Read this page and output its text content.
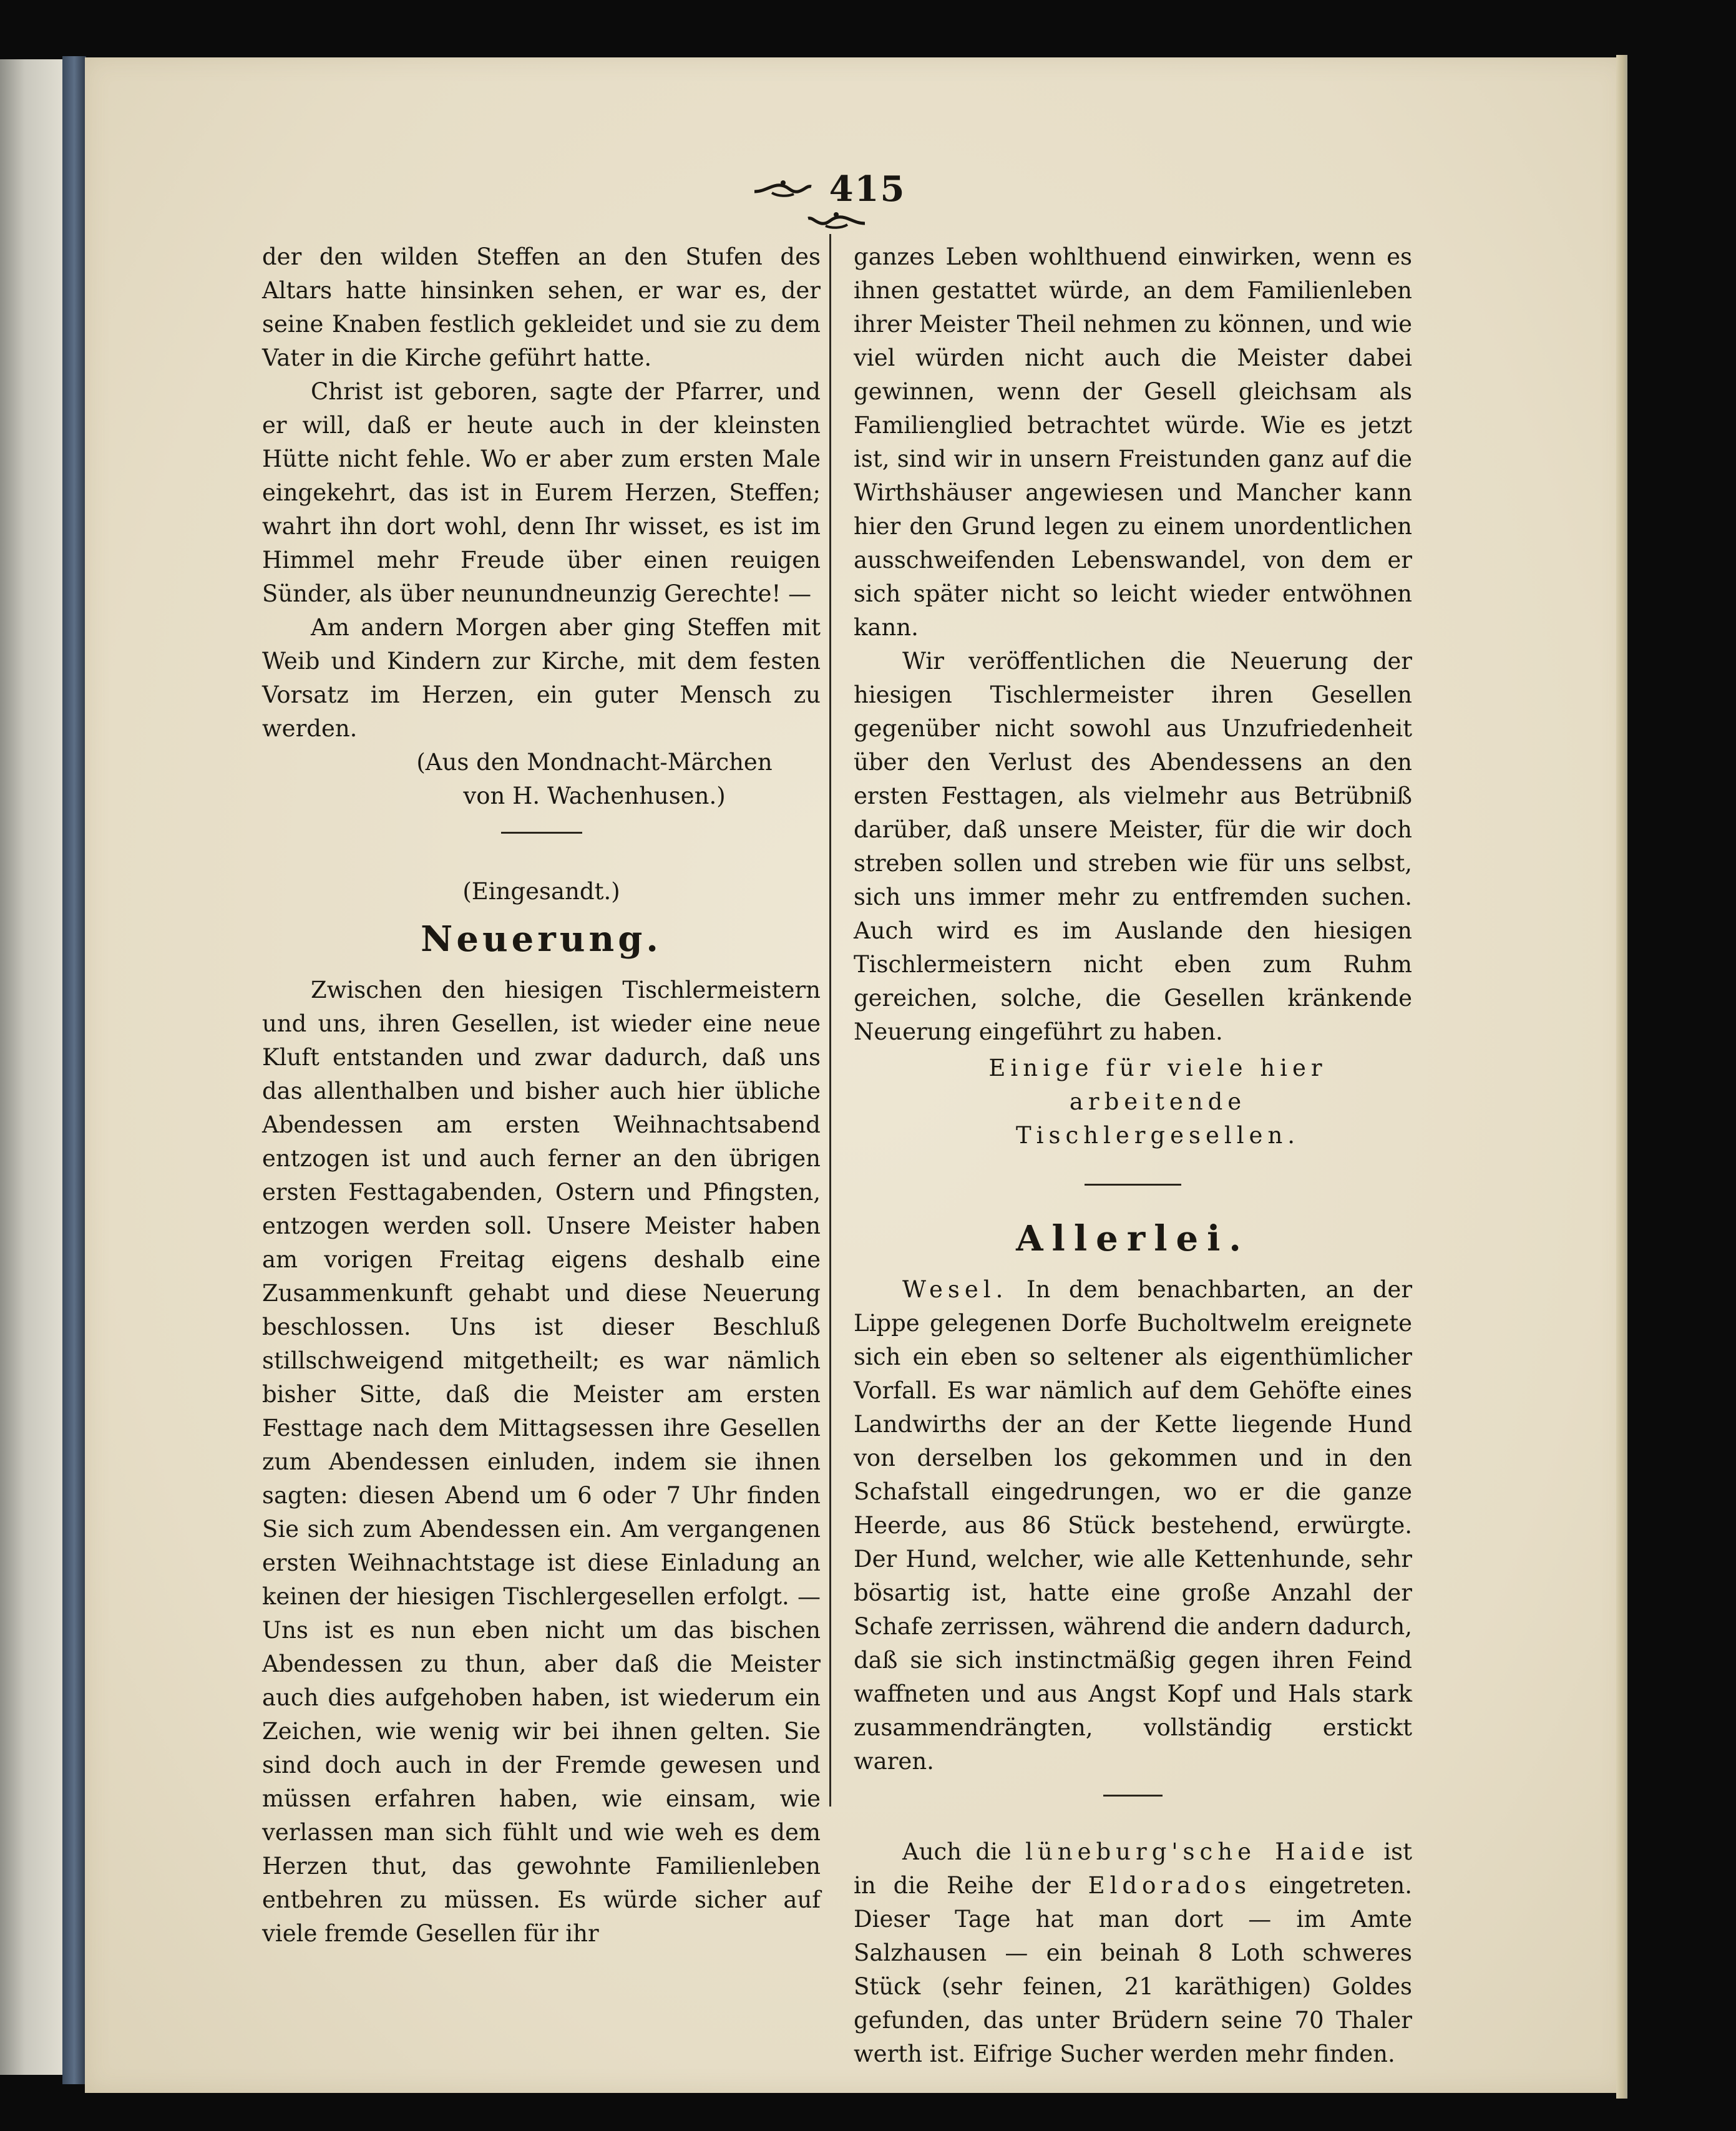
415

der den wilden Steffen an den Stufen des Altars hatte hinsinken sehen, er war es, der seine Knaben festlich gekleidet und sie zu dem Vater in die Kirche geführt hatte.

Christ ist geboren, sagte der Pfarrer, und er will, daß er heute auch in der kleinsten Hütte nicht fehle. Wo er aber zum ersten Male eingekehrt, das ist in Eurem Herzen, Steffen; wahrt ihn dort wohl, denn Ihr wisset, es ist im Himmel mehr Freude über einen reuigen Sünder, als über neunundneunzig Gerechte! —

Am andern Morgen aber ging Steffen mit Weib und Kindern zur Kirche, mit dem festen Vorsatz im Herzen, ein guter Mensch zu werden.

(Aus den Mondnacht-Märchen
von H. Wachenhusen.)
(Eingesandt.)
Neuerung.

Zwischen den hiesigen Tischlermeistern und uns, ihren Gesellen, ist wieder eine neue Kluft entstanden und zwar dadurch, daß uns das allenthalben und bisher auch hier übliche Abendessen am ersten Weihnachtsabend entzogen ist und auch ferner an den übrigen ersten Festtagabenden, Ostern und Pfingsten, entzogen werden soll. Unsere Meister haben am vorigen Freitag eigens deshalb eine Zusammenkunft gehabt und diese Neuerung beschlossen. Uns ist dieser Beschluß stillschweigend mitgetheilt; es war nämlich bisher Sitte, daß die Meister am ersten Festtage nach dem Mittagsessen ihre Gesellen zum Abendessen einluden, indem sie ihnen sagten: diesen Abend um 6 oder 7 Uhr finden Sie sich zum Abendessen ein. Am vergangenen ersten Weihnachtstage ist diese Einladung an keinen der hiesigen Tischlergesellen erfolgt. — Uns ist es nun eben nicht um das bischen Abendessen zu thun, aber daß die Meister auch dies aufgehoben haben, ist wiederum ein Zeichen, wie wenig wir bei ihnen gelten. Sie sind doch auch in der Fremde gewesen und müssen erfahren haben, wie einsam, wie verlassen man sich fühlt und wie weh es dem Herzen thut, das gewohnte Familienleben entbehren zu müssen. Es würde sicher auf viele fremde Gesellen für ihr

ganzes Leben wohlthuend einwirken, wenn es ihnen gestattet würde, an dem Familienleben ihrer Meister Theil nehmen zu können, und wie viel würden nicht auch die Meister dabei gewinnen, wenn der Gesell gleichsam als Familienglied betrachtet würde. Wie es jetzt ist, sind wir in unsern Freistunden ganz auf die Wirthshäuser angewiesen und Mancher kann hier den Grund legen zu einem unordentlichen ausschweifenden Lebenswandel, von dem er sich später nicht so leicht wieder entwöhnen kann.

Wir veröffentlichen die Neuerung der hiesigen Tischlermeister ihren Gesellen gegenüber nicht sowohl aus Unzufriedenheit über den Verlust des Abendessens an den ersten Festtagen, als vielmehr aus Betrübniß darüber, daß unsere Meister, für die wir doch streben sollen und streben wie für uns selbst, sich uns immer mehr zu entfremden suchen. Auch wird es im Auslande den hiesigen Tischlermeistern nicht eben zum Ruhm gereichen, solche, die Gesellen kränkende Neuerung eingeführt zu haben.

Einige für viele hier arbeitende
Tischlergesellen.
Allerlei.

Wesel. In dem benachbarten, an der Lippe gelegenen Dorfe Bucholtwelm ereignete sich ein eben so seltener als eigenthümlicher Vorfall. Es war nämlich auf dem Gehöfte eines Landwirths der an der Kette liegende Hund von derselben los gekommen und in den Schafstall eingedrungen, wo er die ganze Heerde, aus 86 Stück bestehend, erwürgte. Der Hund, welcher, wie alle Kettenhunde, sehr bösartig ist, hatte eine große Anzahl der Schafe zerrissen, während die andern dadurch, daß sie sich instinctmäßig gegen ihren Feind waffneten und aus Angst Kopf und Hals stark zusammendrängten, vollständig erstickt waren.

Auch die lüneburg'sche Haide ist in die Reihe der Eldorados eingetreten. Dieser Tage hat man dort — im Amte Salzhausen — ein beinah 8 Loth schweres Stück (sehr feinen, 21 karäthigen) Goldes gefunden, das unter Brüdern seine 70 Thaler werth ist. Eifrige Sucher werden mehr finden.
